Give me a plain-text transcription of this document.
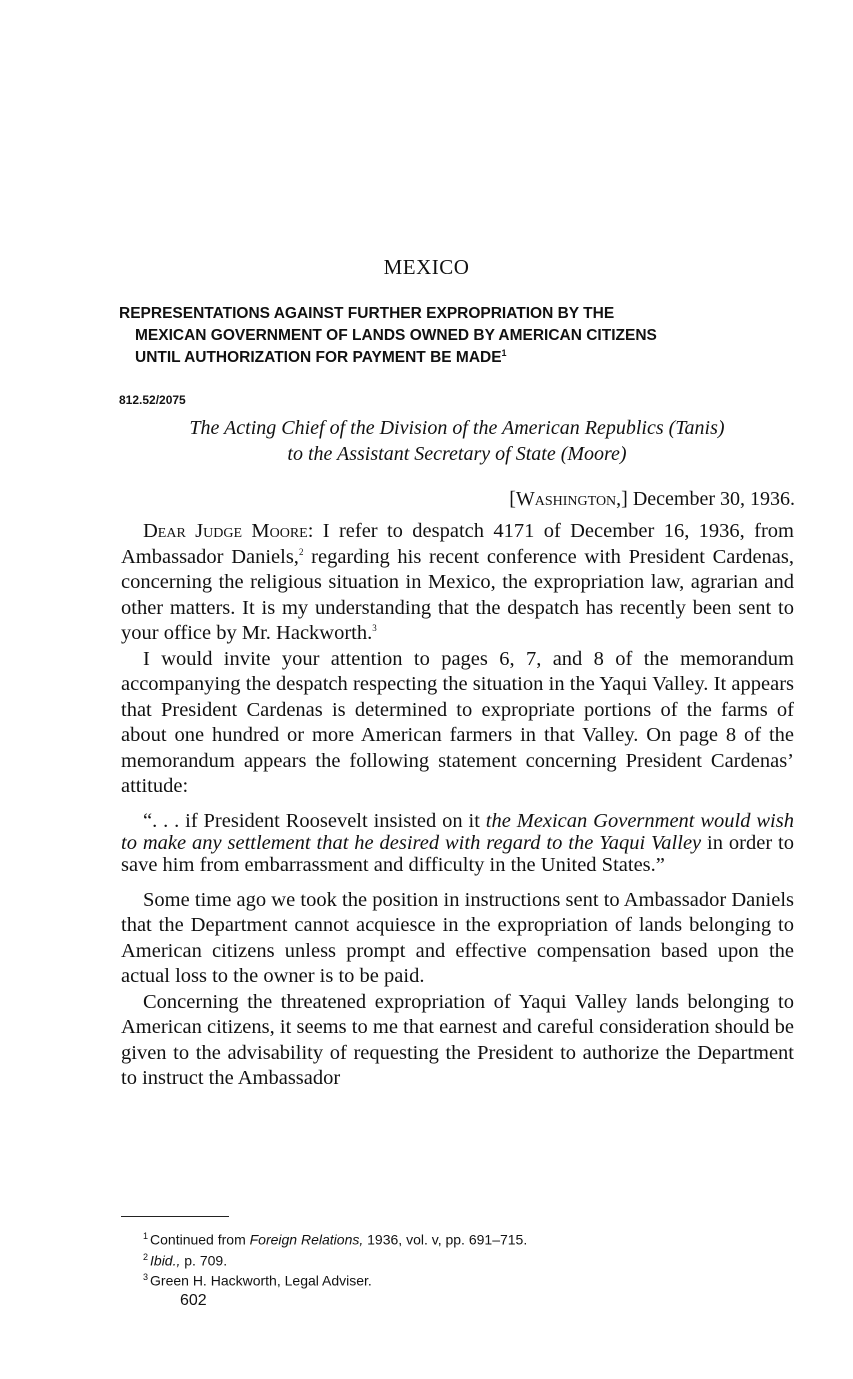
MEXICO
REPRESENTATIONS AGAINST FURTHER EXPROPRIATION BY THE
MEXICAN GOVERNMENT OF LANDS OWNED BY AMERICAN CITIZENS
UNTIL AUTHORIZATION FOR PAYMENT BE MADE$^1$
812.52/2075
The Acting Chief of the Division of the American Republics (Tanis)
to the Assistant Secretary of State (Moore)
[Washington,] December 30, 1936.

Dear Judge Moore: I refer to despatch 4171 of December 16, 1936, from Ambassador Daniels,$^2$ regarding his recent conference with President Cardenas, concerning the religious situation in Mexico, the expropriation law, agrarian and other matters. It is my understanding that the despatch has recently been sent to your office by Mr. Hackworth.$^3$

I would invite your attention to pages 6, 7, and 8 of the memorandum accompanying the despatch respecting the situation in the Yaqui Valley. It appears that President Cardenas is determined to expropriate portions of the farms of about one hundred or more American farmers in that Valley. On page 8 of the memorandum appears the following statement concerning President Cardenas’ attitude:

“. . . if President Roosevelt insisted on it the Mexican Government would wish to make any settlement that he desired with regard to the Yaqui Valley in order to save him from embarrassment and difficulty in the United States.”

Some time ago we took the position in instructions sent to Ambassador Daniels that the Department cannot acquiesce in the expropriation of lands belonging to American citizens unless prompt and effective compensation based upon the actual loss to the owner is to be paid.

Concerning the threatened expropriation of Yaqui Valley lands belonging to American citizens, it seems to me that earnest and careful consideration should be given to the advisability of requesting the President to authorize the Department to instruct the Ambassador

$^1$ Continued from Foreign Relations, 1936, vol. v, pp. 691–715.
$^2$ Ibid., p. 709.
$^3$ Green H. Hackworth, Legal Adviser.
602
